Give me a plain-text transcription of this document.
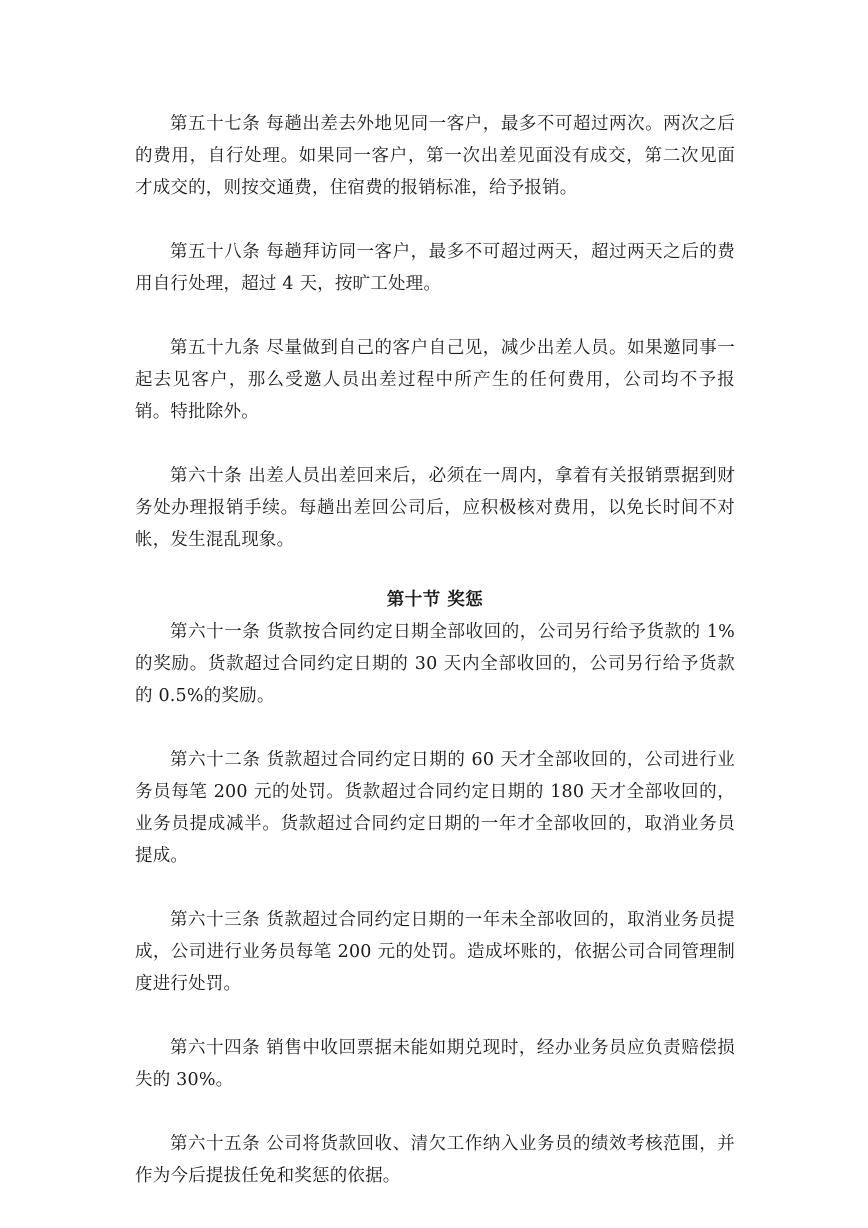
第五十七条 每趟出差去外地见同一客户，最多不可超过两次。两次之后的费用，自行处理。如果同一客户，第一次出差见面没有成交，第二次见面才成交的，则按交通费，住宿费的报销标准，给予报销。

第五十八条 每趟拜访同一客户，最多不可超过两天，超过两天之后的费用自行处理，超过 4 天，按旷工处理。

第五十九条 尽量做到自己的客户自己见，减少出差人员。如果邀同事一起去见客户，那么受邀人员出差过程中所产生的任何费用，公司均不予报销。特批除外。

第六十条 出差人员出差回来后，必须在一周内，拿着有关报销票据到财务处办理报销手续。每趟出差回公司后，应积极核对费用，以免长时间不对帐，发生混乱现象。

第十节 奖惩

第六十一条 货款按合同约定日期全部收回的，公司另行给予货款的 1%的奖励。货款超过合同约定日期的 30 天内全部收回的，公司另行给予货款的 0.5%的奖励。

第六十二条 货款超过合同约定日期的 60 天才全部收回的，公司进行业务员每笔 200 元的处罚。货款超过合同约定日期的 180 天才全部收回的，业务员提成减半。货款超过合同约定日期的一年才全部收回的，取消业务员提成。

第六十三条 货款超过合同约定日期的一年未全部收回的，取消业务员提成，公司进行业务员每笔 200 元的处罚。造成坏账的，依据公司合同管理制度进行处罚。

第六十四条 销售中收回票据未能如期兑现时，经办业务员应负责赔偿损失的 30%。

第六十五条 公司将货款回收、清欠工作纳入业务员的绩效考核范围，并作为今后提拔任免和奖惩的依据。
